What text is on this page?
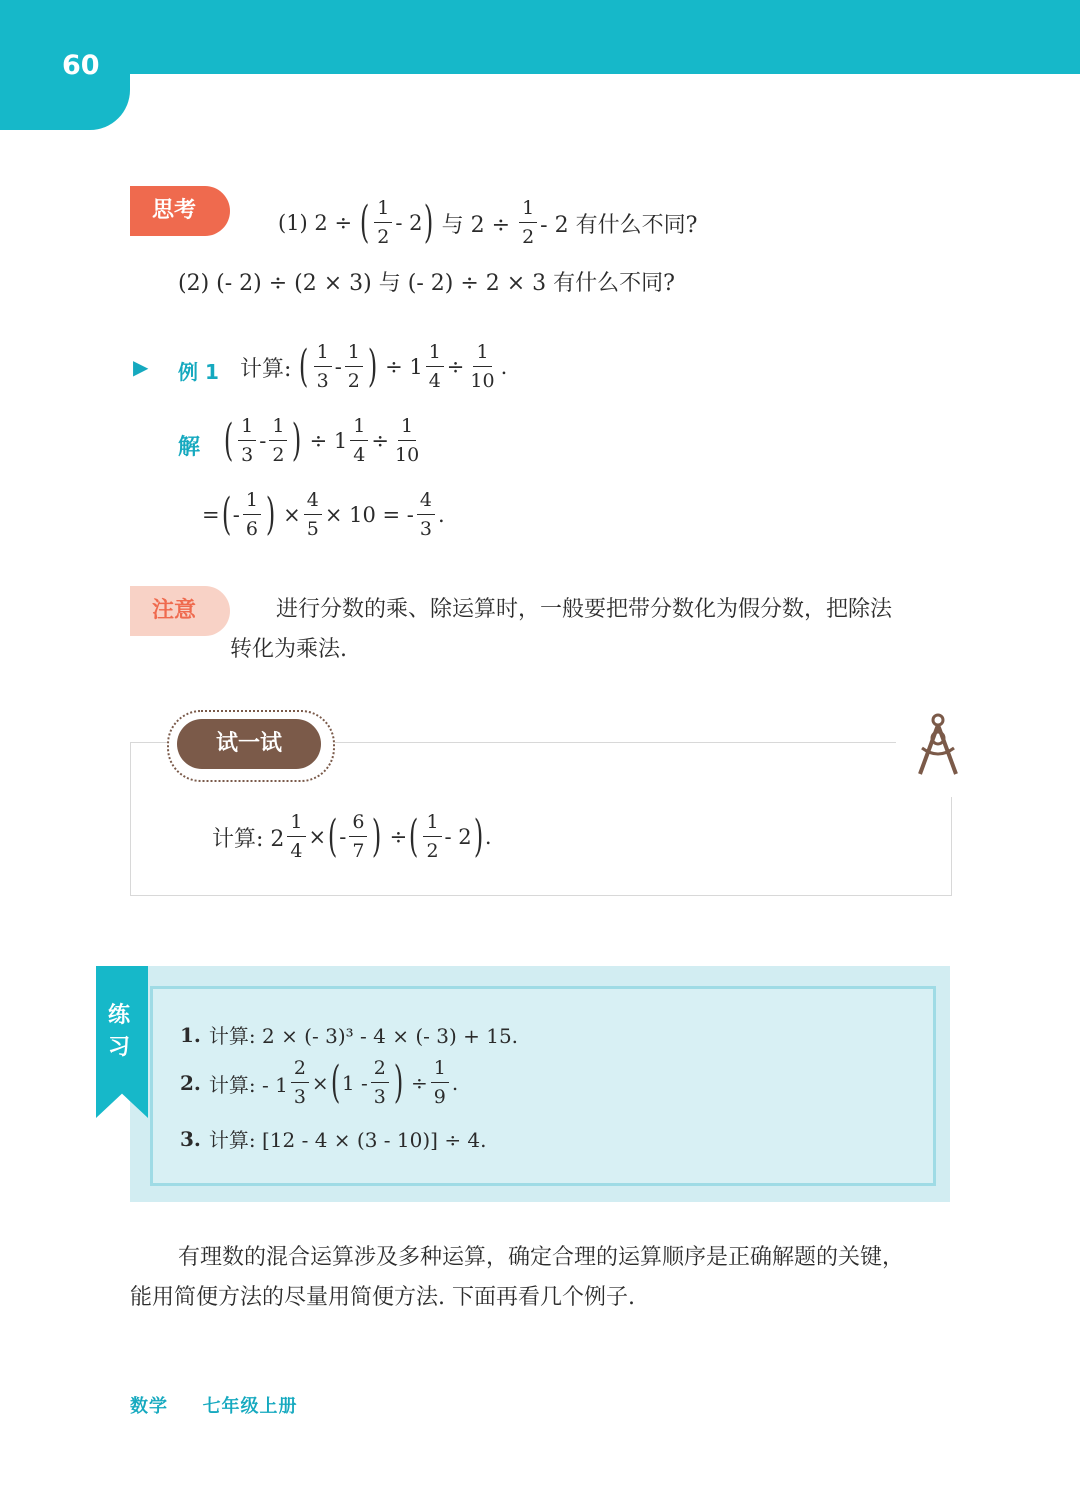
60
思考	(1) 2 ÷ ( $\frac{1}{2} - 2$ ) 与 $2 \div \frac{1}{2} - 2$ 有什么不同?
(2) (- 2) ÷ (2 × 3) 与 (- 2) ÷ 2 × 3 有什么不同?
▶ 例 1 计算: ( $\frac{1}{3} - \frac{1}{2}$ ) ÷ $1 \frac{1}{4} \div \frac{1}{10}$ .
解 ( $\frac{1}{3} - \frac{1}{2}$ ) ÷ $1 \frac{1}{4} \div \frac{1}{10}$
= ( - $\frac{1}{6}$ ) × $\frac{4}{5} \times 10$ = - $\frac{4}{3}$ .
注意	进行分数的乘、除运算时，一般要把带分数化为假分数，把除法
转化为乘法.
试一试
计算: $2 \frac{1}{4}$ × ( - $\frac{6}{7}$ ) ÷ ( $\frac{1}{2} - 2$ ) .
练习
1. 计算: 2 × (- 3)³ - 4 × (- 3) + 15.
2. 计算: - $1 \frac{2}{3}$ × ( $1 - \frac{2}{3}$ ) ÷ $\frac{1}{9}$ .
3. 计算: [12 - 4 × (3 - 10)] ÷ 4.
有理数的混合运算涉及多种运算，确定合理的运算顺序是正确解题的关键，
能用简便方法的尽量用简便方法. 下面再看几个例子.
数学 七年级上册
